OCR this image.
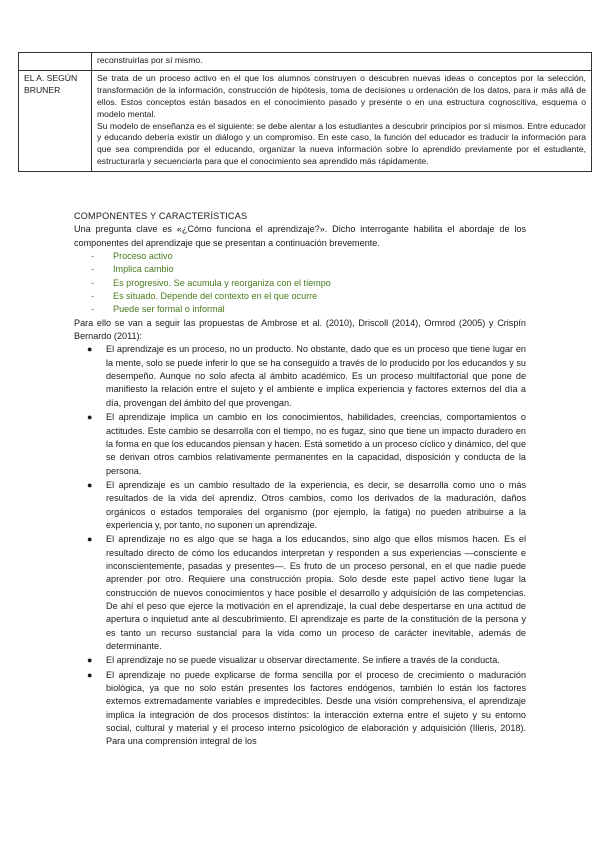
	reconstruirlas por sí mismo.

EL A. SEGÚN BRUNER	Se trata de un proceso activo en el que los alumnos construyen o descubren nuevas ideas o conceptos por la selección, transformación de la información, construcción de hipótesis, toma de decisiones u ordenación de los datos, para ir más allá de ellos. Estos conceptos están basados en el conocimiento pasado y presente o en una estructura cognoscitiva, esquema o modelo mental.

Su modelo de enseñanza es el siguiente: se debe alentar a los estudiantes a descubrir principios por sí mismos. Entre educador y educando debería existir un diálogo y un compromiso. En este caso, la función del educador es traducir la información para que sea comprendida por el educando, organizar la nueva información sobre lo aprendido previamente por el estudiante, estructurarla y secuenciarla para que el conocimiento sea aprendido más rápidamente.

COMPONENTES Y CARACTERÍSTICAS

Una pregunta clave es «¿Cómo funciona el aprendizaje?». Dicho interrogante habilita el abordaje de los componentes del aprendizaje que se presentan a continuación brevemente.

- Proceso activo
- Implica cambio
- Es progresivo. Se acumula y reorganiza con el tiempo
- Es situado. Depende del contexto en el que ocurre
- Puede ser formal o informal

Para ello se van a seguir las propuestas de Ambrose et al. (2010), Driscoll (2014), Ormrod (2005) y Crispín Bernardo (2011):

● El aprendizaje es un proceso, no un producto. No obstante, dado que es un proceso que tiene lugar en la mente, solo se puede inferir lo que se ha conseguido a través de lo producido por los educandos y su desempeño. Aunque no solo afecta al ámbito académico. Es un proceso multifactorial que pone de manifiesto la relación entre el sujeto y el ambiente e implica experiencia y factores externos del día a día, provengan del ámbito del que provengan.
● El aprendizaje implica un cambio en los conocimientos, habilidades, creencias, comportamientos o actitudes. Este cambio se desarrolla con el tiempo, no es fugaz, sino que tiene un impacto duradero en la forma en que los educandos piensan y hacen. Está sometido a un proceso cíclico y dinámico, del que se derivan otros cambios relativamente permanentes en la capacidad, disposición y conducta de la persona.
● El aprendizaje es un cambio resultado de la experiencia, es decir, se desarrolla como uno o más resultados de la vida del aprendiz. Otros cambios, como los derivados de la maduración, daños orgánicos o estados temporales del organismo (por ejemplo, la fatiga) no pueden atribuirse a la experiencia y, por tanto, no suponen un aprendizaje.
● El aprendizaje no es algo que se haga a los educandos, sino algo que ellos mismos hacen. Es el resultado directo de cómo los educandos interpretan y responden a sus experiencias —consciente e inconscientemente, pasadas y presentes—. Es fruto de un proceso personal, en el que nadie puede aprender por otro. Requiere una construcción propia. Solo desde este papel activo tiene lugar la construcción de nuevos conocimientos y hace posible el desarrollo y adquisición de las competencias. De ahí el peso que ejerce la motivación en el aprendizaje, la cual debe despertarse en una actitud de apertura o inquietud ante al descubrimiento. El aprendizaje es parte de la constitución de la persona y es tanto un recurso sustancial para la vida como un proceso de carácter inevitable, además de determinante.
● El aprendizaje no se puede visualizar u observar directamente. Se infiere a través de la conducta.
● El aprendizaje no puede explicarse de forma sencilla por el proceso de crecimiento o maduración biológica, ya que no solo están presentes los factores endógenos, también lo están los factores externos extremadamente variables e impredecibles. Desde una visión comprehensiva, el aprendizaje implica la integración de dos procesos distintos: la interacción externa entre el sujeto y su entorno social, cultural y material y el proceso interno psicológico de elaboración y adquisición (Illeris, 2018). Para una comprensión integral de los
